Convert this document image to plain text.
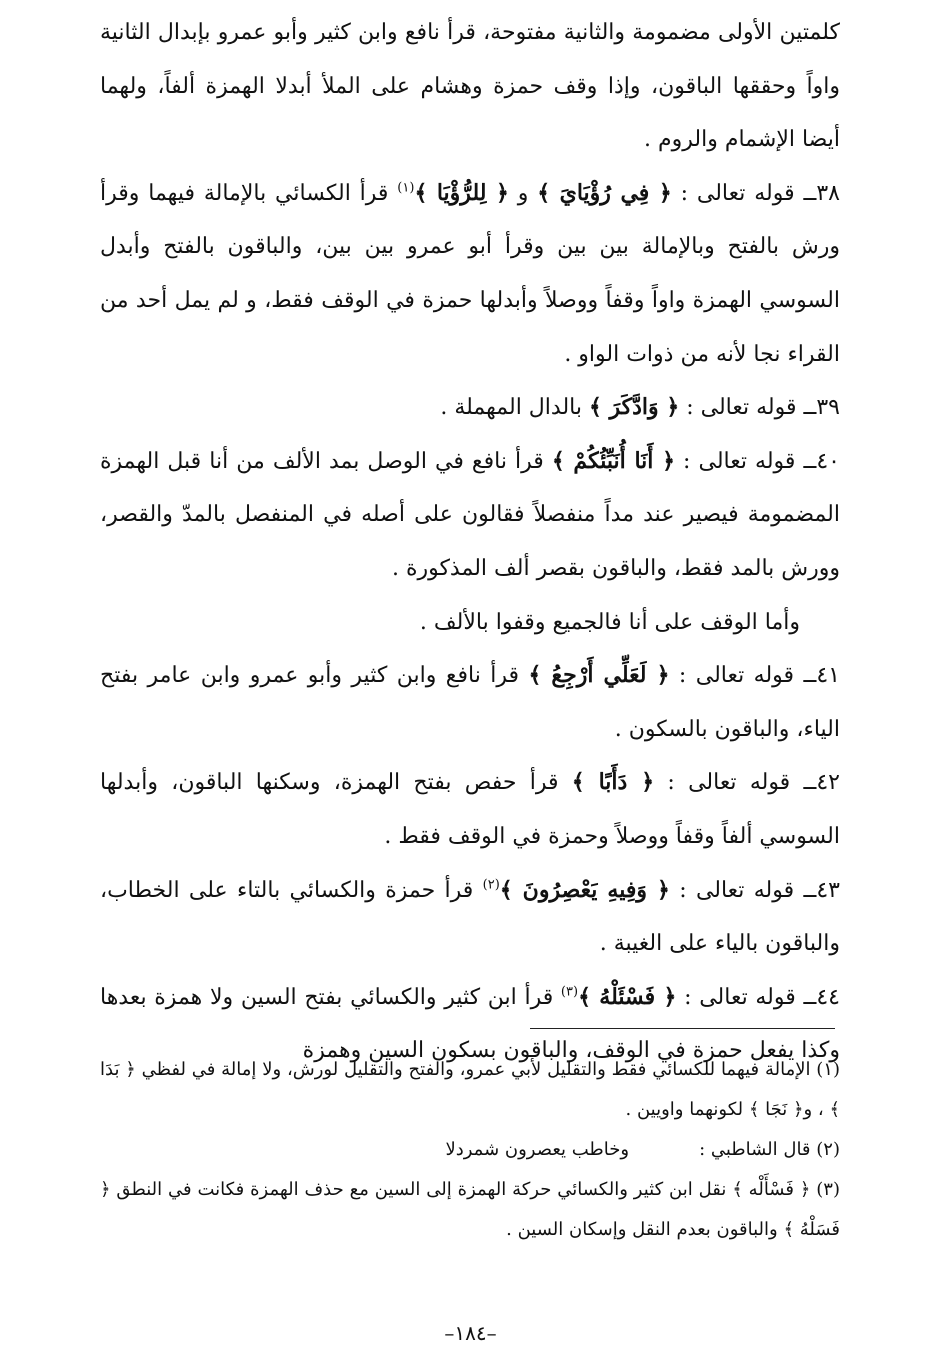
كلمتين الأولى مضمومة والثانية مفتوحة، قرأ نافع وابن كثير وأبو عمرو بإبدال الثانية واواً وحققها الباقون، وإذا وقف حمزة وهشام على الملأ أبدلا الهمزة ألفاً، ولهما أيضا الإشمام والروم .

٣٨ــ قوله تعالى : ﴿ فِي رُؤْيَايَ ﴾ و ﴿ لِلرُّؤْيَا ﴾$^{(١)}$ قرأ الكسائي بالإمالة فيهما وقرأ ورش بالفتح وبالإمالة بين بين وقرأ أبو عمرو بين بين، والباقون بالفتح وأبدل السوسي الهمزة واواً وقفاً ووصلاً وأبدلها حمزة في الوقف فقط، و لم يمل أحد من القراء نجا لأنه من ذوات الواو .

٣٩ــ قوله تعالى : ﴿ وَادَّكَرَ ﴾ بالدال المهملة .

٤٠ــ قوله تعالى : ﴿ أَنَا أُنَبِّئُكُمْ ﴾ قرأ نافع في الوصل بمد الألف من أنا قبل الهمزة المضمومة فيصير عند مداً منفصلاً فقالون على أصله في المنفصل بالمدّ والقصر، وورش بالمد فقط، والباقون بقصر ألف المذكورة .

وأما الوقف على أنا فالجميع وقفوا بالألف .

٤١ــ قوله تعالى : ﴿ لَعَلِّي أَرْجِعُ ﴾ قرأ نافع وابن كثير وأبو عمرو وابن عامر بفتح الياء، والباقون بالسكون .

٤٢ــ قوله تعالى : ﴿ دَأَبًا ﴾ قرأ حفص بفتح الهمزة، وسكنها الباقون، وأبدلها السوسي ألفاً وقفاً ووصلاً وحمزة في الوقف فقط .

٤٣ــ قوله تعالى : ﴿ وَفِيهِ يَعْصِرُونَ ﴾$^{(٢)}$ قرأ حمزة والكسائي بالتاء على الخطاب، والباقون بالياء على الغيبة .

٤٤ــ قوله تعالى : ﴿ فَسْئَلْهُ ﴾$^{(٣)}$ قرأ ابن كثير والكسائي بفتح السين ولا همزة بعدها وكذا يفعل حمزة في الوقف، والباقون بسكون السين وهمزة

(١) الإمالة فيهما للكسائي فقط والتقليل لأبي عمرو، والفتح والتقليل لورش، ولا إمالة في لفظي ﴿ بَدَا ﴾ ، و﴿ نَجَا ﴾ لكونهما واويين .

(٢) قال الشاطبي :وخاطب يعصرون شمردلا

(٣) ﴿ فَسْأَلْه ﴾ نقل ابن كثير والكسائي حركة الهمزة إلى السين مع حذف الهمزة فكانت في النطق ﴿ فَسَلْهُ ﴾ والباقون بعدم النقل وإسكان السين .

–١٨٤–
